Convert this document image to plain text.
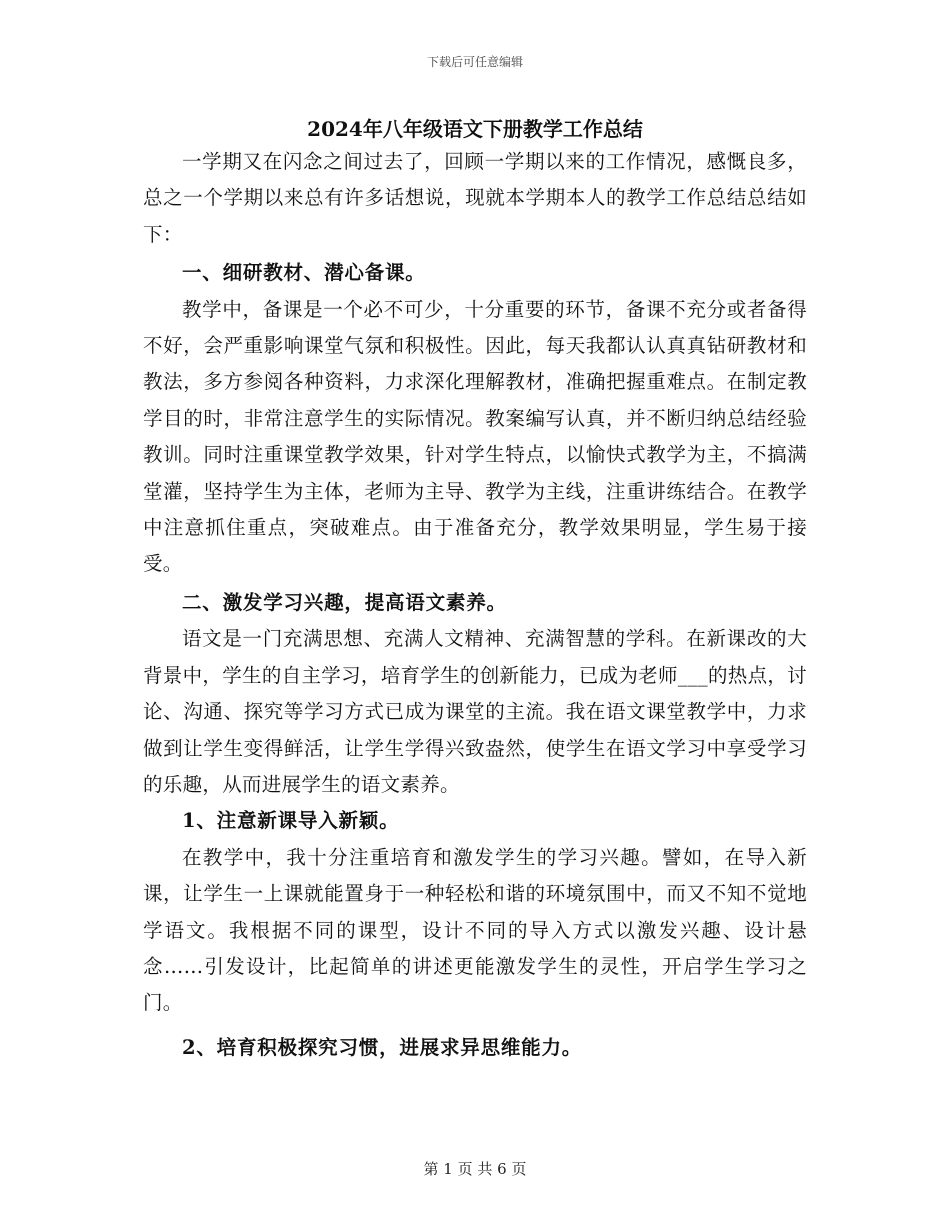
下载后可任意编辑
2024年八年级语文下册教学工作总结

一学期又在闪念之间过去了，回顾一学期以来的工作情况，感慨良多，总之一个学期以来总有许多话想说，现就本学期本人的教学工作总结总结如下：

一、细研教材、潜心备课。

教学中，备课是一个必不可少，十分重要的环节，备课不充分或者备得不好，会严重影响课堂气氛和积极性。因此，每天我都认认真真钻研教材和教法，多方参阅各种资料，力求深化理解教材，准确把握重难点。在制定教学目的时，非常注意学生的实际情况。教案编写认真，并不断归纳总结经验教训。同时注重课堂教学效果，针对学生特点，以愉快式教学为主，不搞满堂灌，坚持学生为主体，老师为主导、教学为主线，注重讲练结合。在教学中注意抓住重点，突破难点。由于准备充分，教学效果明显，学生易于接受。

二、激发学习兴趣，提高语文素养。

语文是一门充满思想、充满人文精神、充满智慧的学科。在新课改的大背景中，学生的自主学习，培育学生的创新能力，已成为老师___的热点，讨论、沟通、探究等学习方式已成为课堂的主流。我在语文课堂教学中，力求做到让学生变得鲜活，让学生学得兴致盎然，使学生在语文学习中享受学习的乐趣，从而进展学生的语文素养。

1、注意新课导入新颖。

在教学中，我十分注重培育和激发学生的学习兴趣。譬如，在导入新课，让学生一上课就能置身于一种轻松和谐的环境氛围中，而又不知不觉地学语文。我根据不同的课型，设计不同的导入方式以激发兴趣、设计悬念……引发设计，比起简单的讲述更能激发学生的灵性，开启学生学习之门。

2、培育积极探究习惯，进展求异思维能力。

第 1 页 共 6 页
